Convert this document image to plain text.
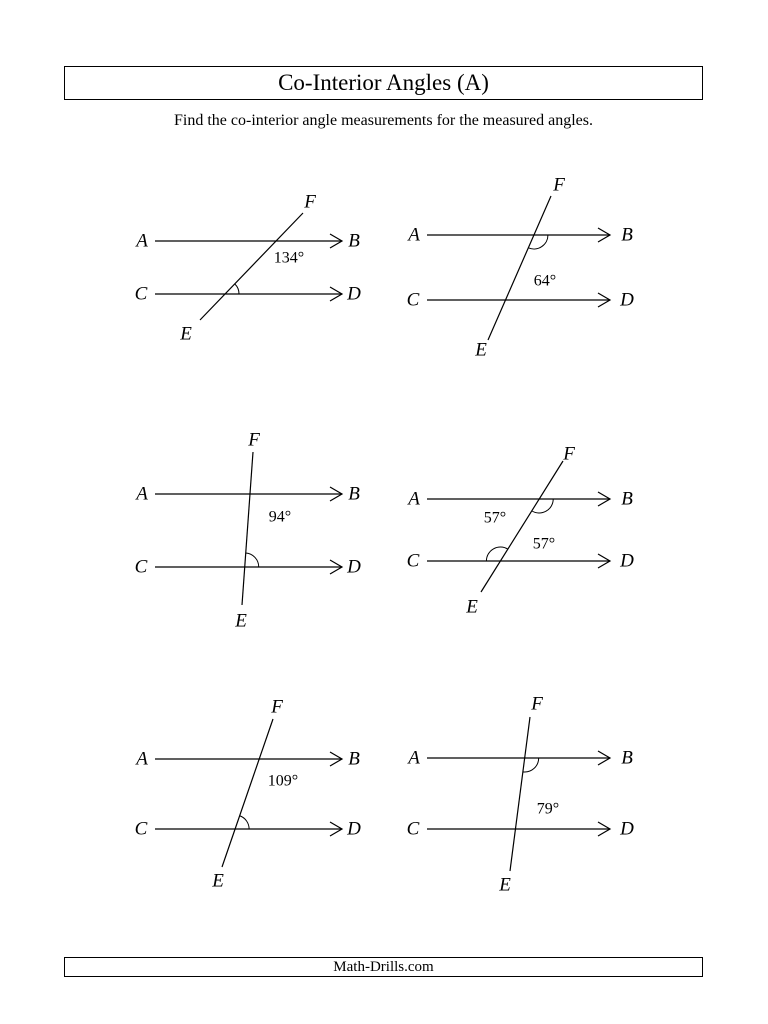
Co-Interior Angles (A)
Find the co-interior angle measurements for the measured angles.
A	B
C	D
E
F
134°
A	B
C	D
E
F
64°
A	B
C	D
E
F
94°
A	B
C	D
E
F
57°
57°
A	B
C	D
E
F
109°
A	B
C	D
E
F
79°
Math-Drills.com
